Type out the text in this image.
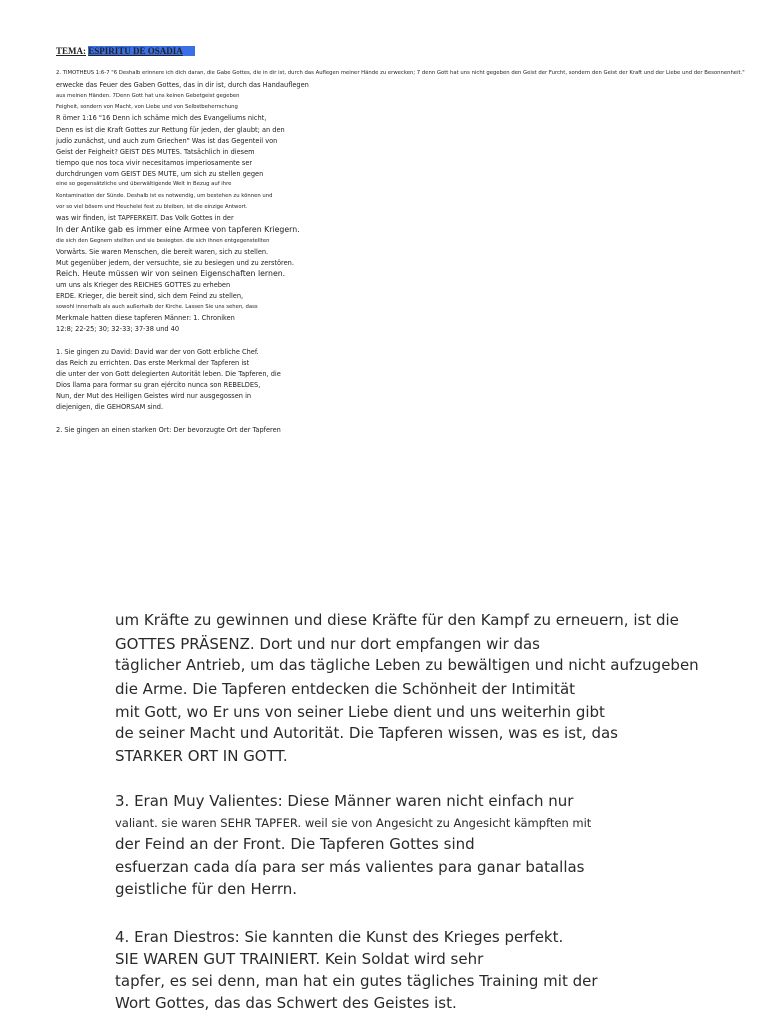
TEMA: ESPIRITU DE OSADIA
2. TIMOTHEUS 1:6-7 "6 Deshalb erinnere ich dich daran, die Gabe Gottes, die in dir ist, durch das Auflegen meiner Hände zu erwecken; 7 denn Gott hat uns nicht gegeben den Geist der Furcht, sondern den Geist der Kraft und der Liebe und der Besonnenheit."
erwecke das Feuer des Gaben Gottes, das in dir ist, durch das Handauflegen
aus meinen Händen. 7Denn Gott hat uns keinen Gebetgeist gegeben
Feigheit, sondern von Macht, von Liebe und von Selbstbeherrschung
R ömer 1:16 "16 Denn ich schäme mich des Evangeliums nicht,
Denn es ist die Kraft Gottes zur Rettung für jeden, der glaubt; an den
judío zunächst, und auch zum Griechen" Was ist das Gegenteil von
Geist der Feigheit? GEIST DES MUTES. Tatsächlich in diesem
tiempo que nos toca vivir necesitamos imperiosamente ser
durchdrungen vom GEIST DES MUTE, um sich zu stellen gegen
eine so gegensätzliche und überwältigende Welt in Bezug auf ihre
Kontamination der Sünde. Deshalb ist es notwendig, um bestehen zu können und
vor so viel bösem und Heuchelei fest zu bleiben, ist die einzige Antwort.
was wir finden, ist TAPFERKEIT. Das Volk Gottes in der
In der Antike gab es immer eine Armee von tapferen Kriegern.
die sich den Gegnern stellten und sie besiegten. die sich ihnen entgegenstellten
Vorwärts. Sie waren Menschen, die bereit waren, sich zu stellen.
Mut gegenüber jedem, der versuchte, sie zu besiegen und zu zerstören.
Reich. Heute müssen wir von seinen Eigenschaften lernen.
um uns als Krieger des REICHES GOTTES zu erheben
ERDE. Krieger, die bereit sind, sich dem Feind zu stellen,
sowohl innerhalb als auch außerhalb der Kirche. Lassen Sie uns sehen, dass
Merkmale hatten diese tapferen Männer: 1. Chroniken
12:8; 22-25; 30; 32-33; 37-38 und 40
1. Sie gingen zu David: David war der von Gott erbliche Chef.
das Reich zu errichten. Das erste Merkmal der Tapferen ist
die unter der von Gott delegierten Autorität leben. Die Tapferen, die
Dios llama para formar su gran ejército nunca son REBELDES,
Nun, der Mut des Heiligen Geistes wird nur ausgegossen in
diejenigen, die GEHORSAM sind.
2. Sie gingen an einen starken Ort: Der bevorzugte Ort der Tapferen
um Kräfte zu gewinnen und diese Kräfte für den Kampf zu erneuern, ist die
GOTTES PRÄSENZ. Dort und nur dort empfangen wir das
täglicher Antrieb, um das tägliche Leben zu bewältigen und nicht aufzugeben
die Arme. Die Tapferen entdecken die Schönheit der Intimität
mit Gott, wo Er uns von seiner Liebe dient und uns weiterhin gibt
de seiner Macht und Autorität. Die Tapferen wissen, was es ist, das
STARKER ORT IN GOTT.
3. Eran Muy Valientes: Diese Männer waren nicht einfach nur
valiant. sie waren SEHR TAPFER. weil sie von Angesicht zu Angesicht kämpften mit
der Feind an der Front. Die Tapferen Gottes sind
esfuerzan cada día para ser más valientes para ganar batallas
geistliche für den Herrn.
4. Eran Diestros: Sie kannten die Kunst des Krieges perfekt.
SIE WAREN GUT TRAINIERT. Kein Soldat wird sehr
tapfer, es sei denn, man hat ein gutes tägliches Training mit der
Wort Gottes, das das Schwert des Geistes ist.
